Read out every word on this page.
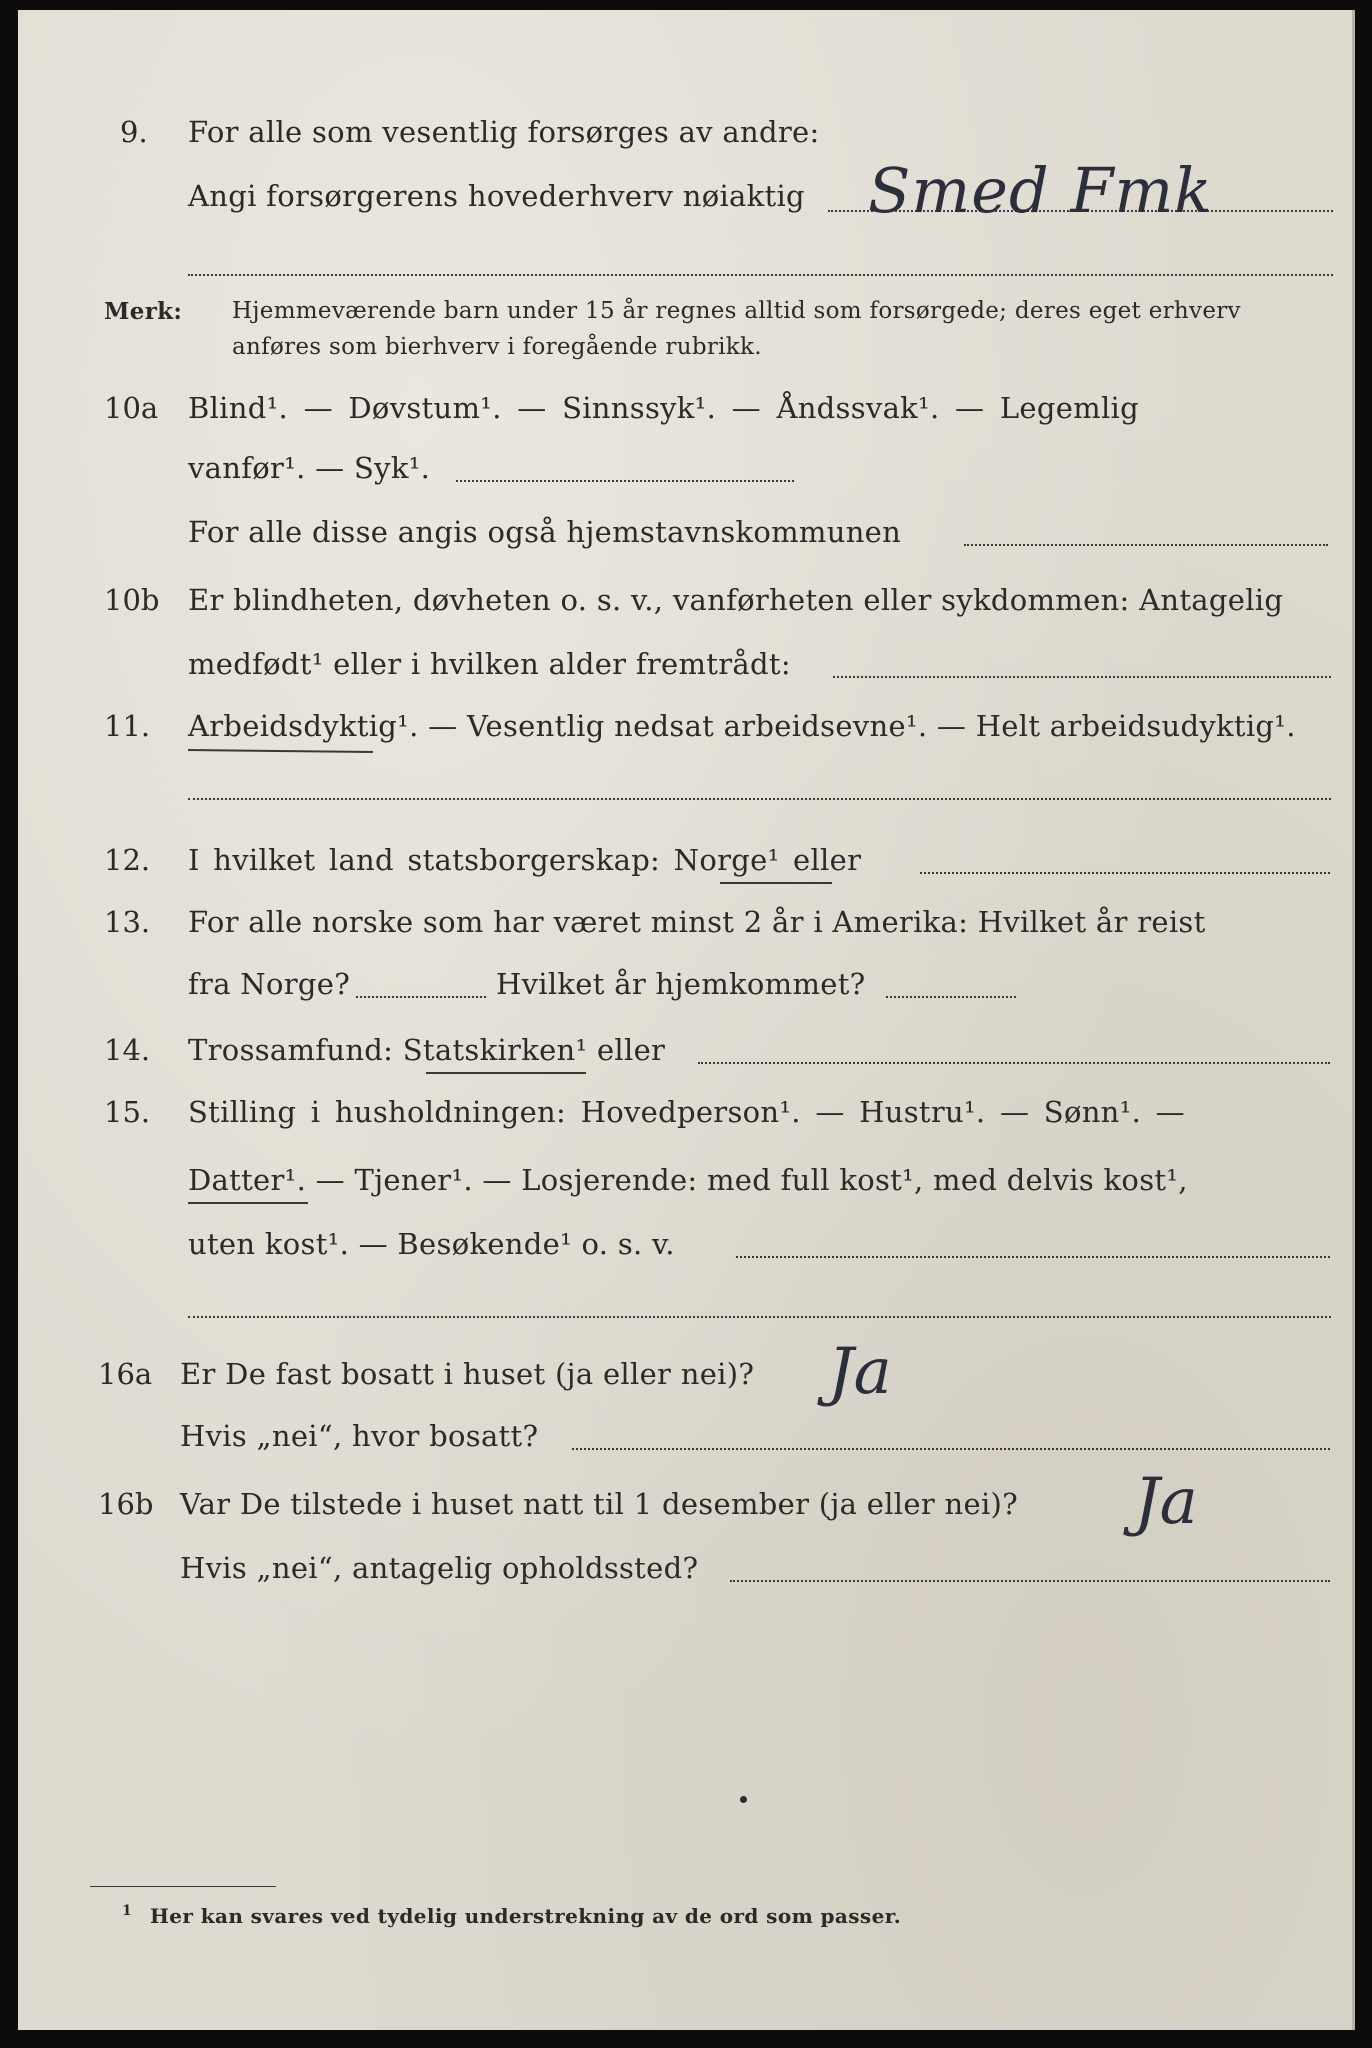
9. For alle som vesentlig forsørges av andre:
Angi forsørgerens hovederhverv nøiaktig Smed Fmk
Merk: Hjemmeværende barn under 15 år regnes alltid som forsørgede; deres eget erhverv
anføres som bierhverv i foregående rubrikk.
10a Blind¹. — Døvstum¹. — Sinnssyk¹. — Åndssvak¹. — Legemlig
vanfør¹. — Syk¹.
For alle disse angis også hjemstavnskommunen
10b Er blindheten, døvheten o. s. v., vanførheten eller sykdommen: Antagelig
medfødt¹ eller i hvilken alder fremtrådt:
11. Arbeidsdyktig¹. — Vesentlig nedsat arbeidsevne¹. — Helt arbeidsudyktig¹.
12. I hvilket land statsborgerskap: Norge¹ eller
13. For alle norske som har været minst 2 år i Amerika: Hvilket år reist
fra Norge?	Hvilket år hjemkommet?
14. Trossamfund: Statskirken¹ eller
15. Stilling i husholdningen: Hovedperson¹. — Hustru¹. — Sønn¹. —
Datter¹. — Tjener¹. — Losjerende: med full kost¹, med delvis kost¹,
uten kost¹. — Besøkende¹ o. s. v.
16a Er De fast bosatt i huset (ja eller nei)? Ja
Hvis „nei“, hvor bosatt?
16b Var De tilstede i huset natt til 1 desember (ja eller nei)? Ja
Hvis „nei“, antagelig opholdssted?
1 Her kan svares ved tydelig understrekning av de ord som passer.
